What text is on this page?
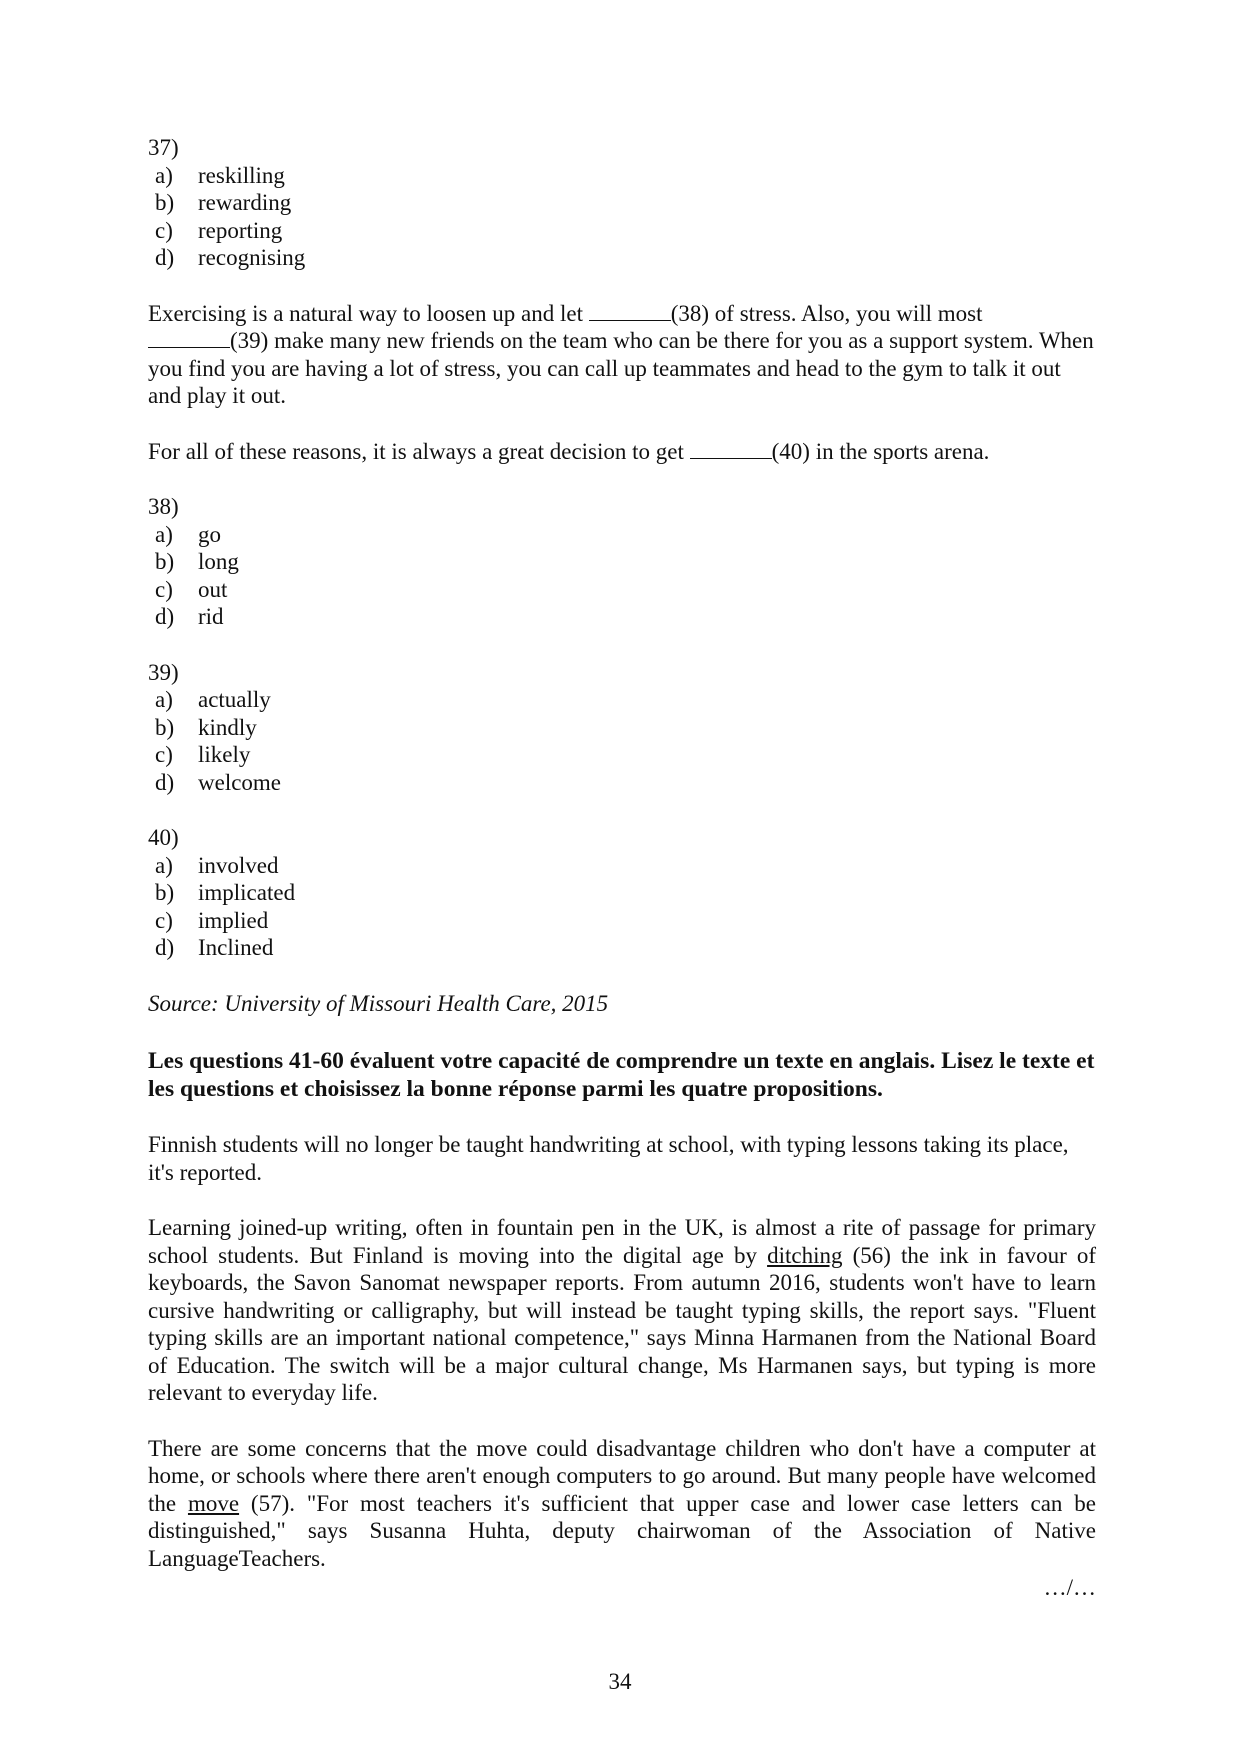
37)

a)	reskilling
b)	rewarding
c)	reporting
d)	recognising

Exercising is a natural way to loosen up and let	(38) of stress. Also, you will most
(39) make many new friends on the team who can be there for you as a support system. When you find you are having a lot of stress, you can call up teammates and head to the gym to talk it out and play it out.

For all of these reasons, it is always a great decision to get	(40) in the sports arena.

38)

a)	go
b)	long
c)	out
d)	rid

39)

a)	actually
b)	kindly
c)	likely
d)	welcome

40)

a)	involved
b)	implicated
c)	implied
d)	Inclined

Source: University of Missouri Health Care, 2015

Les questions 41-60 évaluent votre capacité de comprendre un texte en anglais. Lisez le texte et les questions et choisissez la bonne réponse parmi les quatre propositions.

Finnish students will no longer be taught handwriting at school, with typing lessons taking its place, it's reported.

Learning joined-up writing, often in fountain pen in the UK, is almost a rite of passage for primary school students. But Finland is moving into the digital age by ditching (56) the ink in favour of keyboards, the Savon Sanomat newspaper reports. From autumn 2016, students won't have to learn cursive handwriting or calligraphy, but will instead be taught typing skills, the report says. "Fluent typing skills are an important national competence," says Minna Harmanen from the National Board of Education. The switch will be a major cultural change, Ms Harmanen says, but typing is more relevant to everyday life.

There are some concerns that the move could disadvantage children who don't have a computer at home, or schools where there aren't enough computers to go around. But many people have welcomed the move (57). "For most teachers it's sufficient that upper case and lower case letters can be distinguished," says Susanna Huhta, deputy chairwoman of the Association of Native LanguageTeachers.

…/…

34
